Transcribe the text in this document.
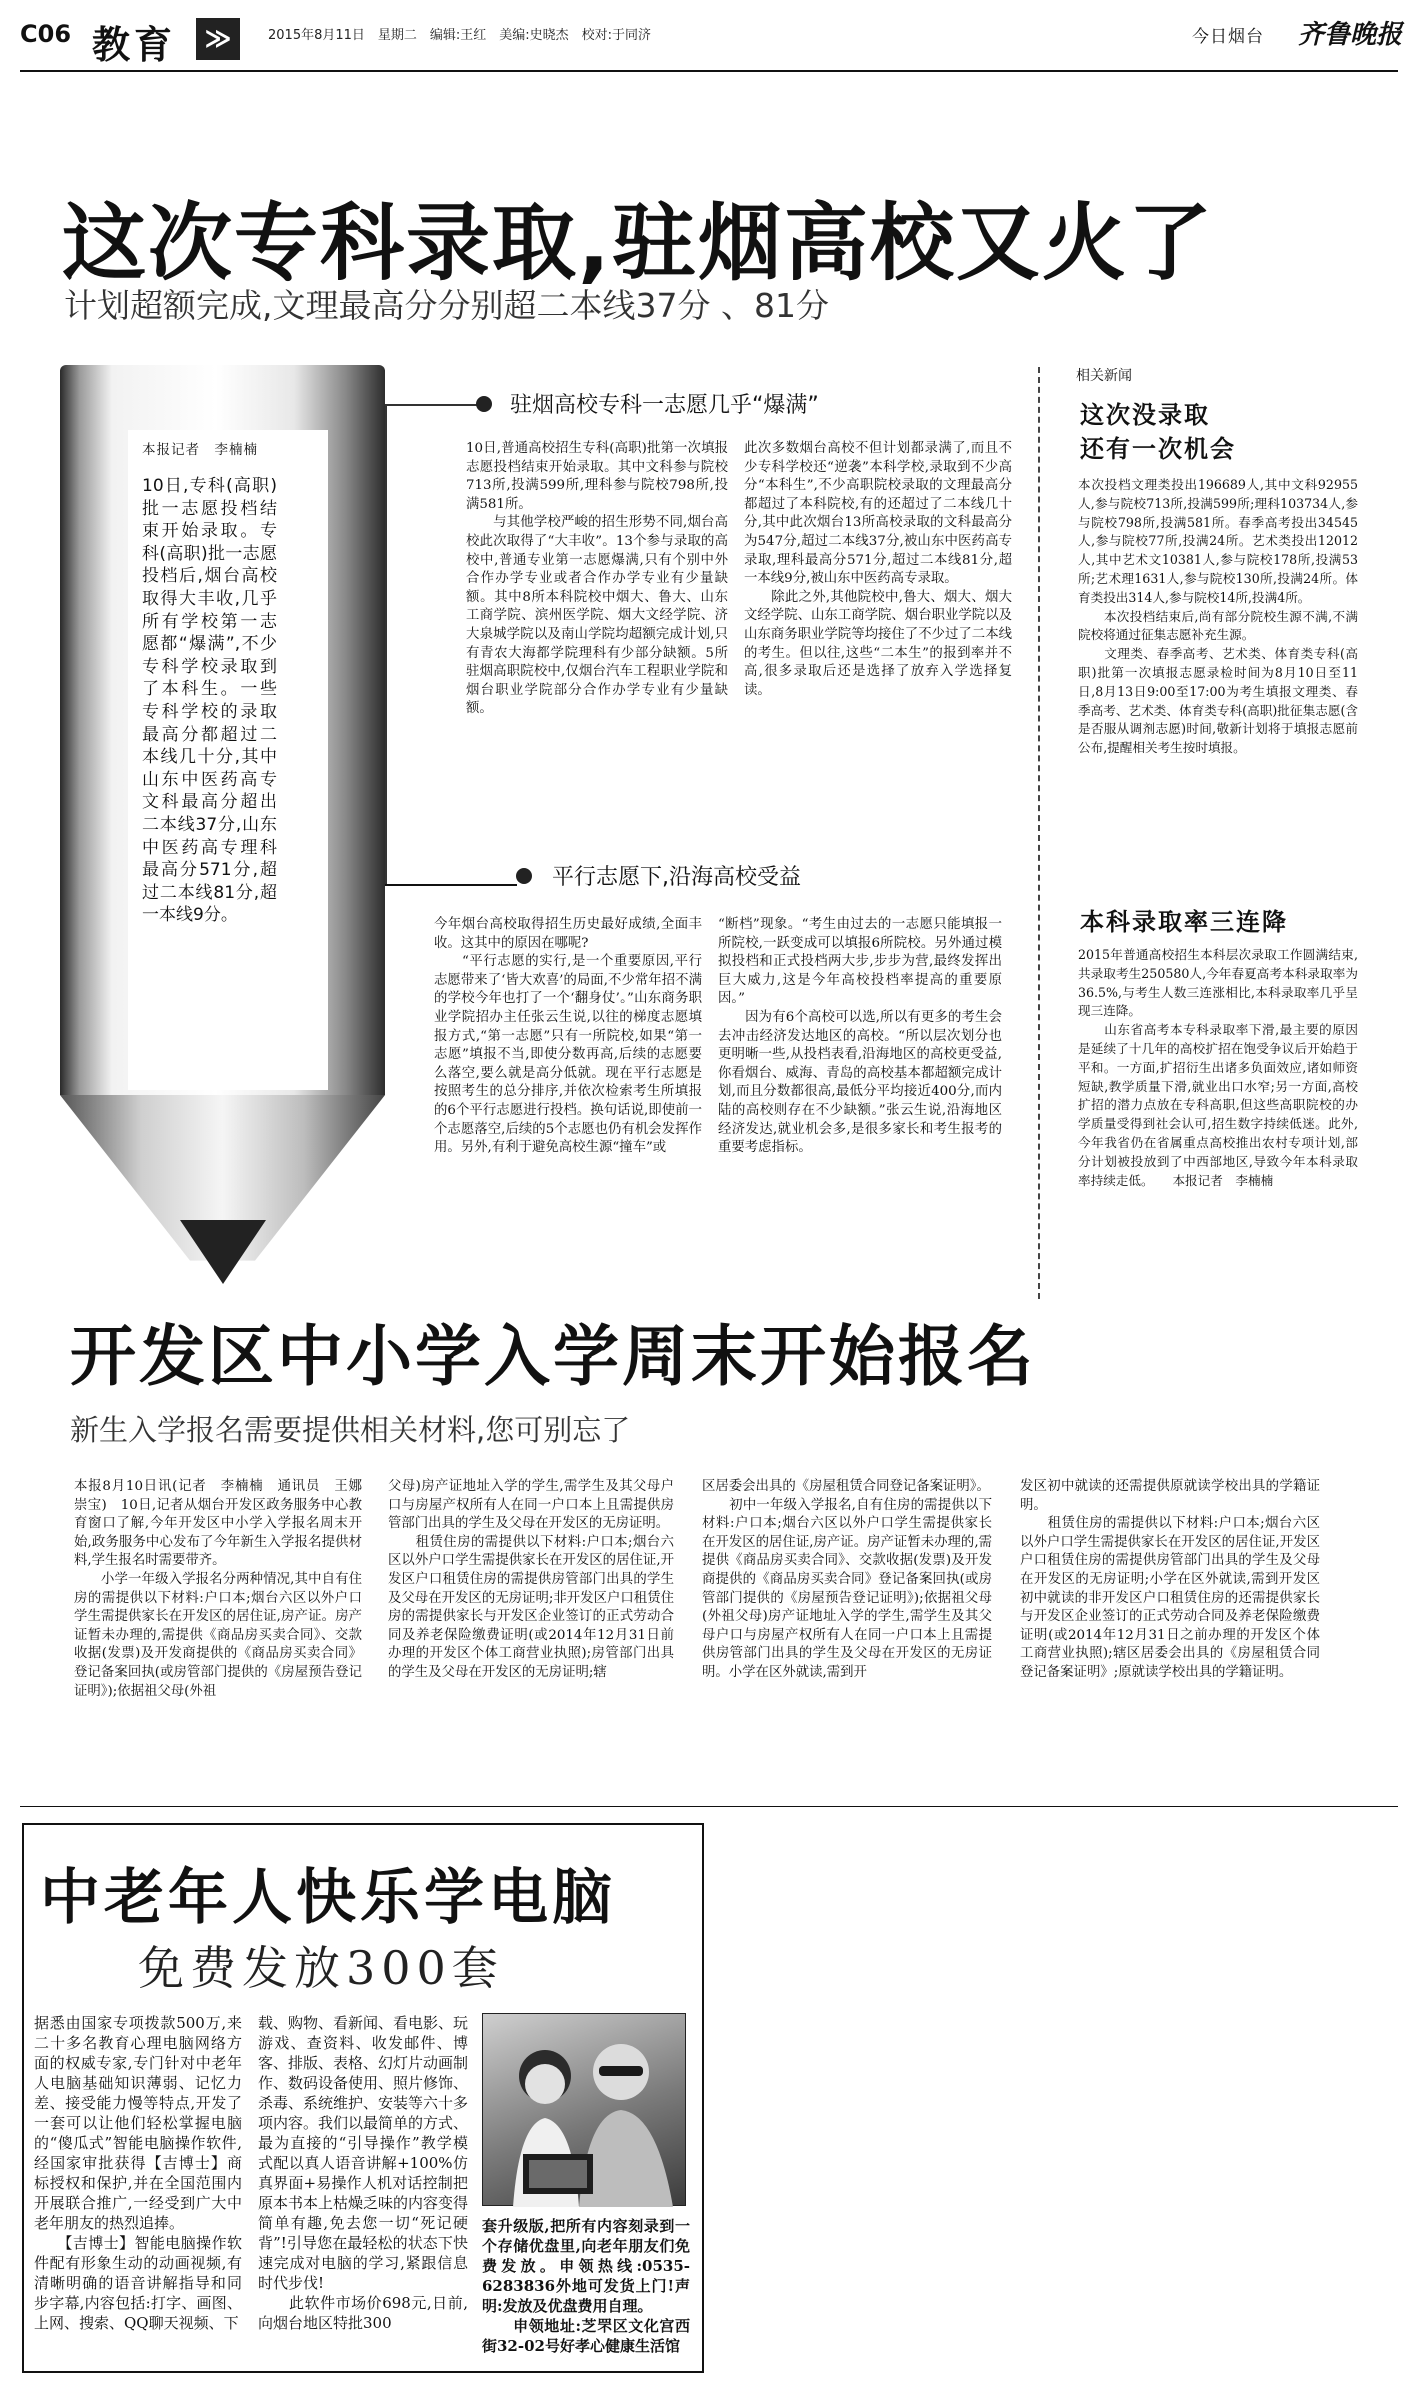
C06 教育	≫	2015年8月11日　星期二　编辑:王红　美编:史晓杰　校对:于同济	今日烟台 齐鲁晚报
这次专科录取,驻烟高校又火了
计划超额完成,文理最高分分别超二本线37分 、81分
本报记者　李楠楠
10日,专科(高职)批一志愿投档结束开始录取。专科(高职)批一志愿投档后,烟台高校取得大丰收,几乎所有学校第一志愿都“爆满”,不少专科学校录取到了本科生。一些专科学校的录取最高分都超过二本线几十分,其中山东中医药高专文科最高分超出二本线37分,山东中医药高专理科最高分571分,超过二本线81分,超一本线9分。
驻烟高校专科一志愿几乎“爆满”
10日,普通高校招生专科(高职)批第一次填报志愿投档结束开始录取。其中文科参与院校713所,投满599所,理科参与院校798所,投满581所。
　　与其他学校严峻的招生形势不同,烟台高校此次取得了“大丰收”。13个参与录取的高校中,普通专业第一志愿爆满,只有个别中外合作办学专业或者合作办学专业有少量缺额。其中8所本科院校中烟大、鲁大、山东工商学院、滨州医学院、烟大文经学院、济大泉城学院以及南山学院均超额完成计划,只有青农大海都学院理科有少部分缺额。5所驻烟高职院校中,仅烟台汽车工程职业学院和烟台职业学院部分合作办学专业有少量缺额。
此次多数烟台高校不但计划都录满了,而且不少专科学校还“逆袭”本科学校,录取到不少高分“本科生”,不少高职院校录取的文理最高分都超过了本科院校,有的还超过了二本线几十分,其中此次烟台13所高校录取的文科最高分为547分,超过二本线37分,被山东中医药高专录取,理科最高分571分,超过二本线81分,超一本线9分,被山东中医药高专录取。
　　除此之外,其他院校中,鲁大、烟大、烟大文经学院、山东工商学院、烟台职业学院以及山东商务职业学院等均接住了不少过了二本线的考生。但以往,这些“二本生”的报到率并不高,很多录取后还是选择了放弃入学选择复读。
平行志愿下,沿海高校受益
今年烟台高校取得招生历史最好成绩,全面丰收。这其中的原因在哪呢?
　　“平行志愿的实行,是一个重要原因,平行志愿带来了‘皆大欢喜’的局面,不少常年招不满的学校今年也打了一个‘翻身仗’。”山东商务职业学院招办主任张云生说,以往的梯度志愿填报方式,“第一志愿”只有一所院校,如果“第一志愿”填报不当,即使分数再高,后续的志愿要么落空,要么就是高分低就。现在平行志愿是按照考生的总分排序,并依次检索考生所填报的6个平行志愿进行投档。换句话说,即使前一个志愿落空,后续的5个志愿也仍有机会发挥作用。另外,有利于避免高校生源“撞车”或
“断档”现象。“考生由过去的一志愿只能填报一所院校,一跃变成可以填报6所院校。另外通过模拟投档和正式投档两大步,步步为营,最终发挥出巨大威力,这是今年高校投档率提高的重要原因。”
　　因为有6个高校可以选,所以有更多的考生会去冲击经济发达地区的高校。“所以层次划分也更明晰一些,从投档表看,沿海地区的高校更受益,你看烟台、威海、青岛的高校基本都超额完成计划,而且分数都很高,最低分平均接近400分,而内陆的高校则存在不少缺额。”张云生说,沿海地区经济发达,就业机会多,是很多家长和考生报考的重要考虑指标。
相关新闻
这次没录取
还有一次机会
本次投档文理类投出196689人,其中文科92955人,参与院校713所,投满599所;理科103734人,参与院校798所,投满581所。春季高考投出34545人,参与院校77所,投满24所。艺术类投出12012人,其中艺术文10381人,参与院校178所,投满53所;艺术理1631人,参与院校130所,投满24所。体育类投出314人,参与院校14所,投满4所。
　　本次投档结束后,尚有部分院校生源不满,不满院校将通过征集志愿补充生源。
　　文理类、春季高考、艺术类、体育类专科(高职)批第一次填报志愿录检时间为8月10日至11日,8月13日9:00至17:00为考生填报文理类、春季高考、艺术类、体育类专科(高职)批征集志愿(含是否服从调剂志愿)时间,敬新计划将于填报志愿前公布,提醒相关考生按时填报。
本科录取率三连降
2015年普通高校招生本科层次录取工作圆满结束,共录取考生250580人,今年春夏高考本科录取率为36.5%,与考生人数三连涨相比,本科录取率几乎呈现三连降。
　　山东省高考本专科录取率下滑,最主要的原因是延续了十几年的高校扩招在饱受争议后开始趋于平和。一方面,扩招衍生出诸多负面效应,诸如师资短缺,教学质量下滑,就业出口水窄;另一方面,高校扩招的潜力点放在专科高职,但这些高职院校的办学质量受得到社会认可,招生数字持续低迷。此外,今年我省仍在省属重点高校推出农村专项计划,部分计划被投放到了中西部地区,导致今年本科录取率持续走低。　　本报记者　李楠楠
开发区中小学入学周末开始报名
新生入学报名需要提供相关材料,您可别忘了
本报8月10日讯(记者　李楠楠　通讯员　王娜　崇宝)　10日,记者从烟台开发区政务服务中心教育窗口了解,今年开发区中小学入学报名周末开始,政务服务中心发布了今年新生入学报名提供材料,学生报名时需要带齐。
　　小学一年级入学报名分两种情况,其中自有住房的需提供以下材料:户口本;烟台六区以外户口学生需提供家长在开发区的居住证,房产证。房产证暂未办理的,需提供《商品房买卖合同》、交款收据(发票)及开发商提供的《商品房买卖合同》登记备案回执(或房管部门提供的《房屋预告登记证明》);依据祖父母(外祖
父母)房产证地址入学的学生,需学生及其父母户口与房屋产权所有人在同一户口本上且需提供房管部门出具的学生及父母在开发区的无房证明。
　　租赁住房的需提供以下材料:户口本;烟台六区以外户口学生需提供家长在开发区的居住证,开发区户口租赁住房的需提供房管部门出具的学生及父母在开发区的无房证明;非开发区户口租赁住房的需提供家长与开发区企业签订的正式劳动合同及养老保险缴费证明(或2014年12月31日前办理的开发区个体工商营业执照);房管部门出具的学生及父母在开发区的无房证明;辖
区居委会出具的《房屋租赁合同登记备案证明》。
　　初中一年级入学报名,自有住房的需提供以下材料:户口本;烟台六区以外户口学生需提供家长在开发区的居住证,房产证。房产证暂未办理的,需提供《商品房买卖合同》、交款收据(发票)及开发商提供的《商品房买卖合同》登记备案回执(或房管部门提供的《房屋预告登记证明》);依据祖父母(外祖父母)房产证地址入学的学生,需学生及其父母户口与房屋产权所有人在同一户口本上且需提供房管部门出具的学生及父母在开发区的无房证明。小学在区外就读,需到开
发区初中就读的还需提供原就读学校出具的学籍证明。
　　租赁住房的需提供以下材料:户口本;烟台六区以外户口学生需提供家长在开发区的居住证,开发区户口租赁住房的需提供房管部门出具的学生及父母在开发区的无房证明;小学在区外就读,需到开发区初中就读的非开发区户口租赁住房的还需提供家长与开发区企业签订的正式劳动合同及养老保险缴费证明(或2014年12月31日之前办理的开发区个体工商营业执照);辖区居委会出具的《房屋租赁合同登记备案证明》;原就读学校出具的学籍证明。
中老年人快乐学电脑
免费发放300套
据悉由国家专项拨款500万,来二十多名教育心理电脑网络方面的权威专家,专门针对中老年人电脑基础知识薄弱、记忆力差、接受能力慢等特点,开发了一套可以让他们轻松掌握电脑的“傻瓜式”智能电脑操作软件,经国家审批获得【吉博士】商标授权和保护,并在全国范围内开展联合推广,一经受到广大中老年朋友的热烈追捧。
　　【吉博士】智能电脑操作软件配有形象生动的动画视频,有清晰明确的语音讲解指导和同步字幕,内容包括:打字、画图、上网、搜索、QQ聊天视频、下
载、购物、看新闻、看电影、玩游戏、查资料、收发邮件、博客、排版、表格、幻灯片动画制作、数码设备使用、照片修饰、杀毒、系统维护、安装等六十多项内容。我们以最简单的方式、最为直接的“引导操作”教学模式配以真人语音讲解+100%仿真界面+易操作人机对话控制把原本书本上枯燥乏味的内容变得简单有趣,免去您一切“死记硬背”!引导您在最轻松的状态下快速完成对电脑的学习,紧跟信息时代步伐!
　　此软件市场价698元,日前,向烟台地区特批300
套升级版,把所有内容刻录到一个存储优盘里,向老年朋友们免费发放。申领热线:0535-6283836外地可发货上门!声明:发放及优盘费用自理。
　　申领地址:芝罘区文化宫西街32-02号好孝心健康生活馆
